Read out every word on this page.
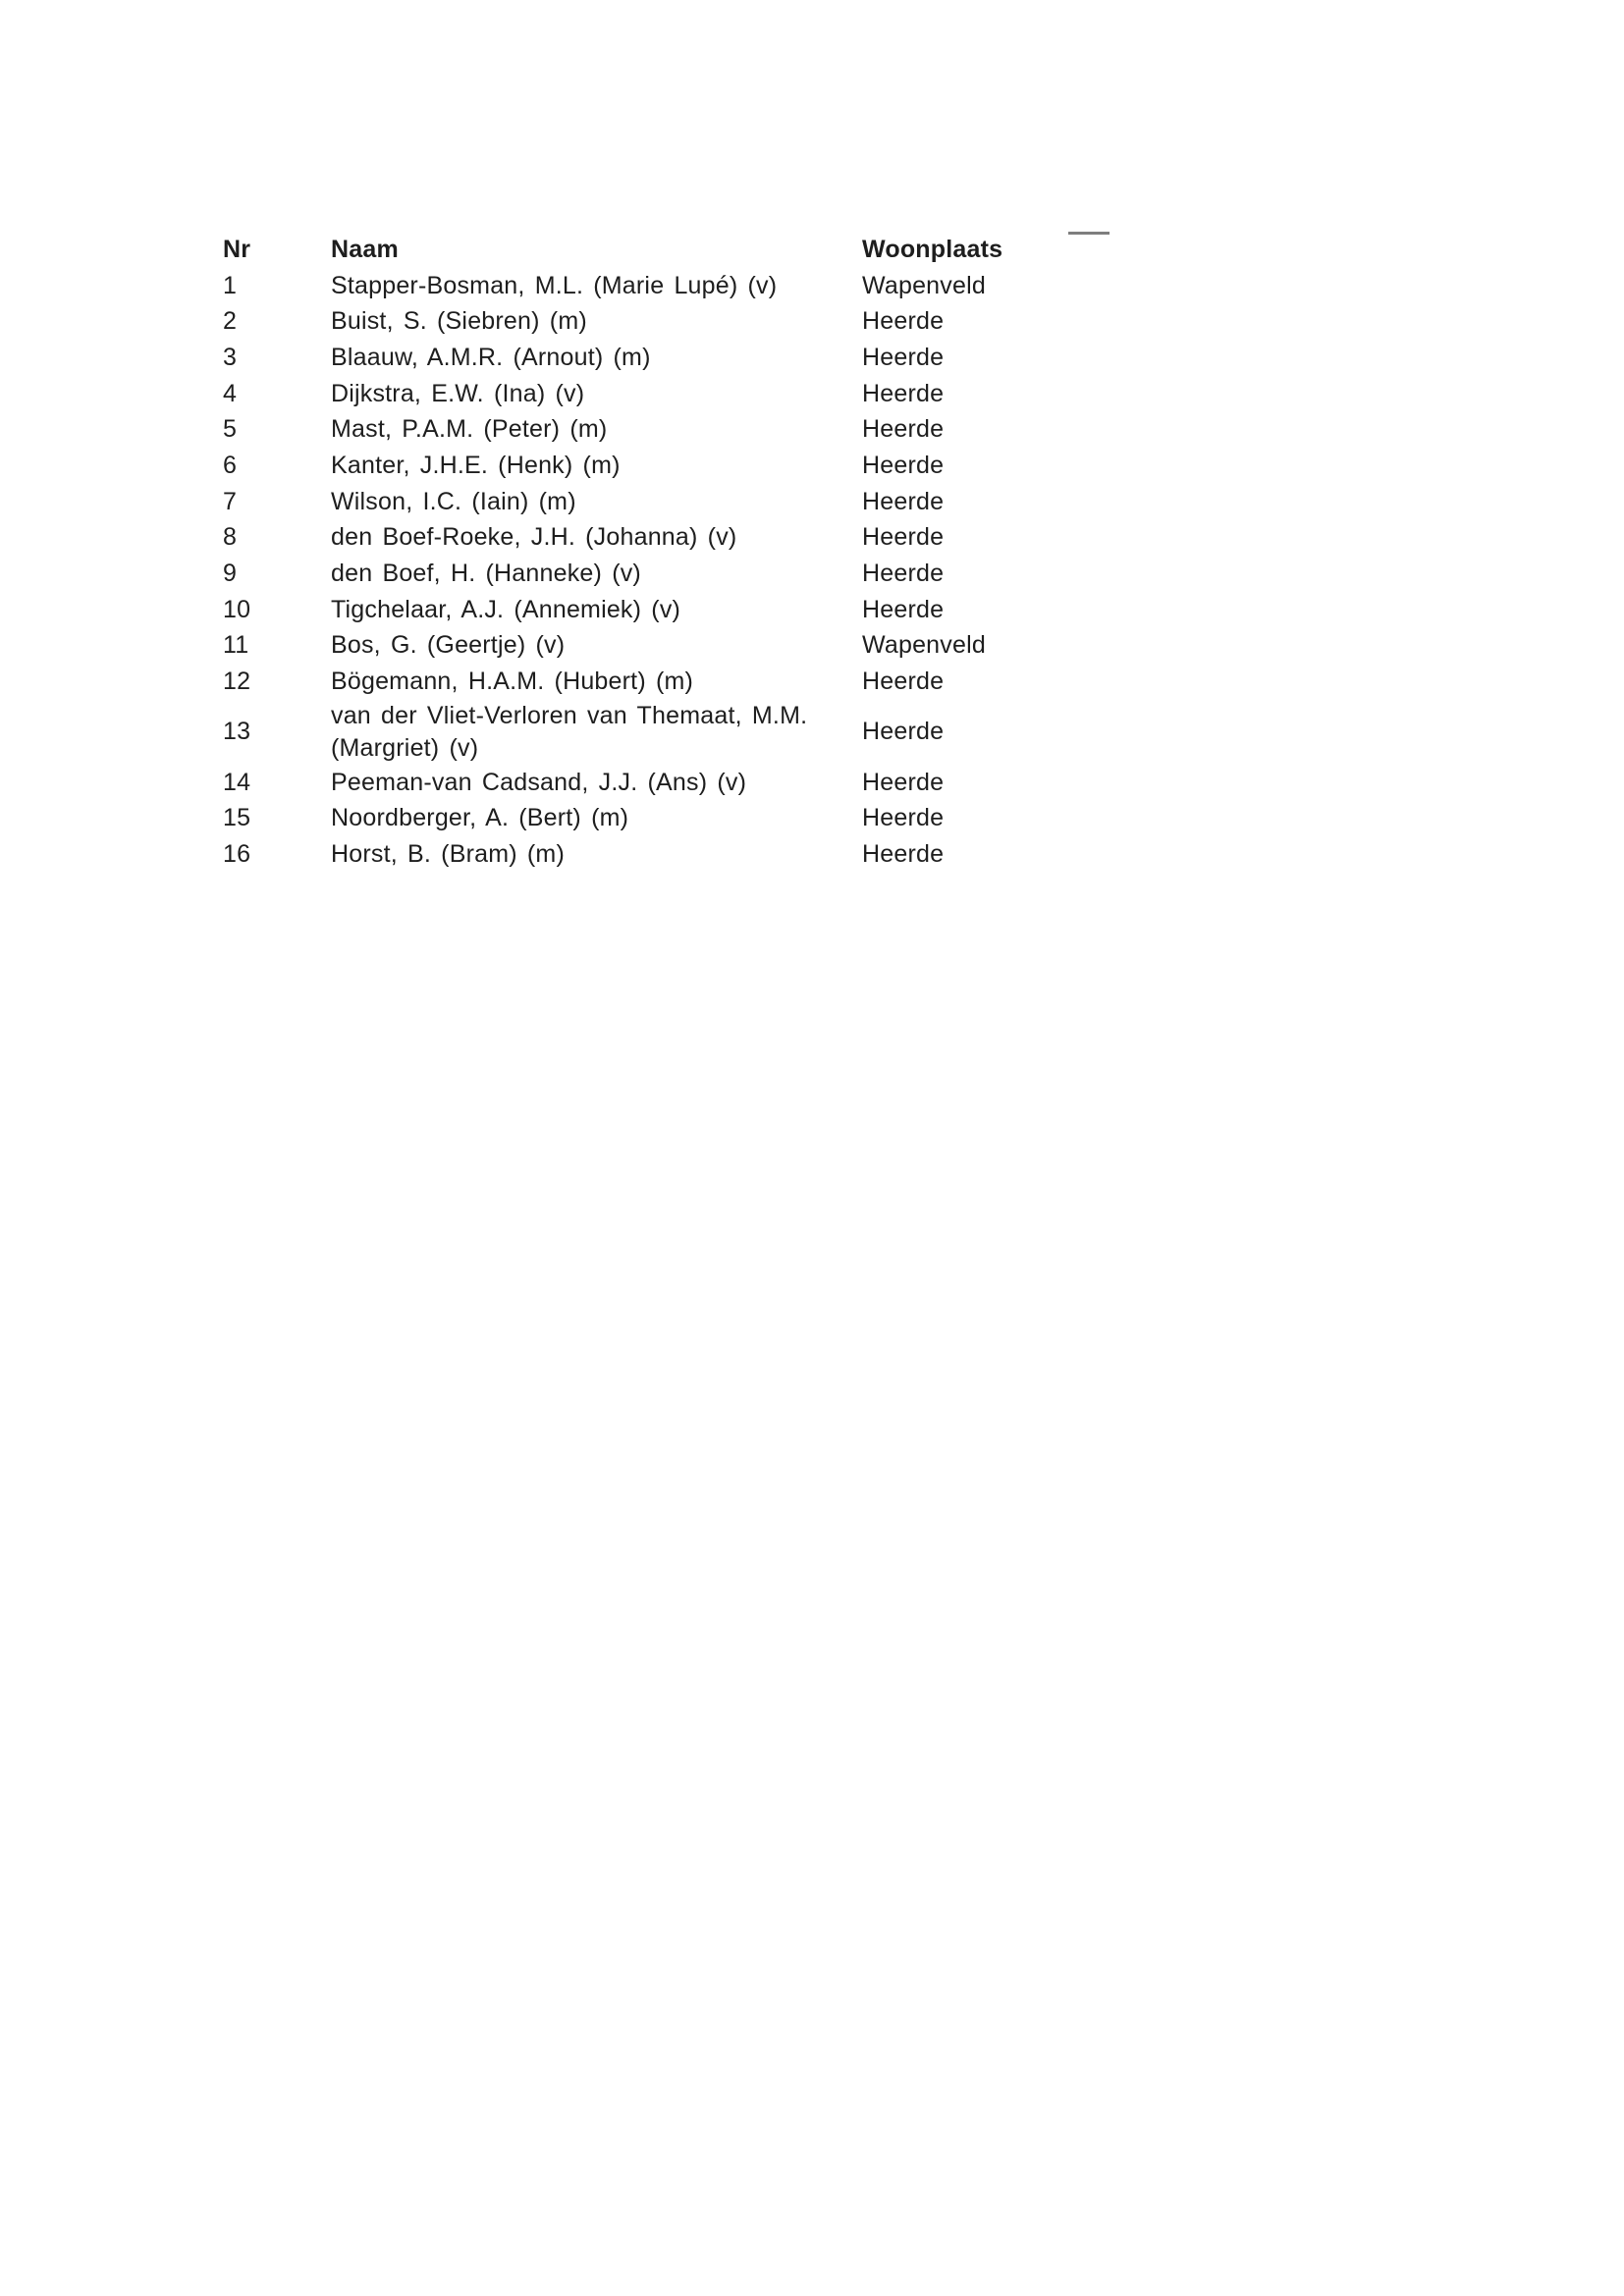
Nr	Naam	Woonplaats
1	Stapper-Bosman, M.L. (Marie Lupé) (v)	Wapenveld
2	Buist, S. (Siebren) (m)	Heerde
3	Blaauw, A.M.R. (Arnout) (m)	Heerde
4	Dijkstra, E.W. (Ina) (v)	Heerde
5	Mast, P.A.M. (Peter) (m)	Heerde
6	Kanter, J.H.E. (Henk) (m)	Heerde
7	Wilson, I.C. (Iain) (m)	Heerde
8	den Boef-Roeke, J.H. (Johanna) (v)	Heerde
9	den Boef, H. (Hanneke) (v)	Heerde
10	Tigchelaar, A.J. (Annemiek) (v)	Heerde
11	Bos, G. (Geertje) (v)	Wapenveld
12	Bögemann, H.A.M. (Hubert) (m)	Heerde
13	van der Vliet-Verloren van Themaat, M.M. (Margriet) (v)	Heerde
14	Peeman-van Cadsand, J.J. (Ans) (v)	Heerde
15	Noordberger, A. (Bert) (m)	Heerde
16	Horst, B. (Bram) (m)	Heerde
